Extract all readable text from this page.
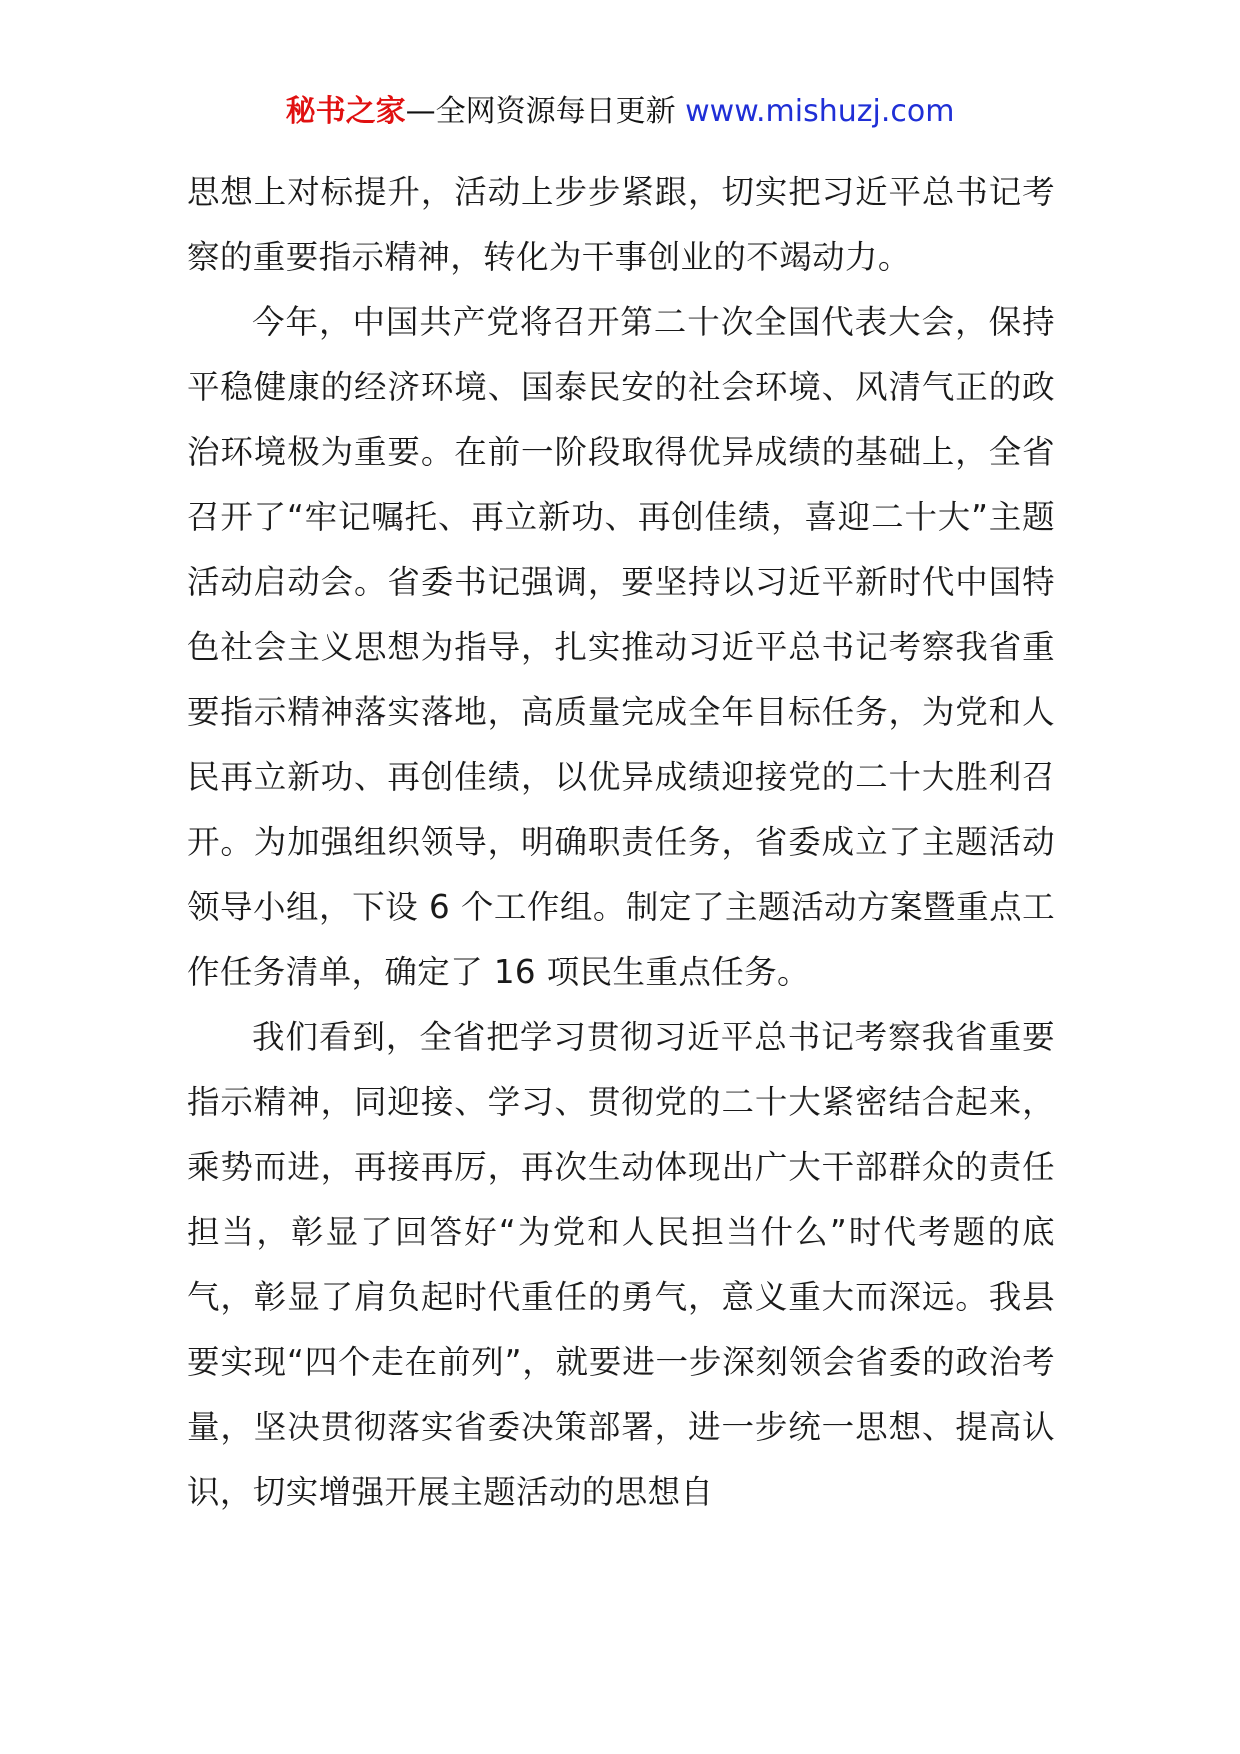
秘书之家—全网资源每日更新 www.mishuzj.com

思想上对标提升，活动上步步紧跟，切实把习近平总书记考察的重要指示精神，转化为干事创业的不竭动力。

今年，中国共产党将召开第二十次全国代表大会，保持平稳健康的经济环境、国泰民安的社会环境、风清气正的政治环境极为重要。在前一阶段取得优异成绩的基础上，全省召开了“牢记嘱托、再立新功、再创佳绩，喜迎二十大”主题活动启动会。省委书记强调，要坚持以习近平新时代中国特色社会主义思想为指导，扎实推动习近平总书记考察我省重要指示精神落实落地，高质量完成全年目标任务，为党和人民再立新功、再创佳绩，以优异成绩迎接党的二十大胜利召开。为加强组织领导，明确职责任务，省委成立了主题活动领导小组，下设 6 个工作组。制定了主题活动方案暨重点工作任务清单，确定了 16 项民生重点任务。

我们看到，全省把学习贯彻习近平总书记考察我省重要指示精神，同迎接、学习、贯彻党的二十大紧密结合起来，乘势而进，再接再厉，再次生动体现出广大干部群众的责任担当，彰显了回答好“为党和人民担当什么”时代考题的底气，彰显了肩负起时代重任的勇气，意义重大而深远。我县要实现“四个走在前列”，就要进一步深刻领会省委的政治考量，坚决贯彻落实省委决策部署，进一步统一思想、提高认识，切实增强开展主题活动的思想自
